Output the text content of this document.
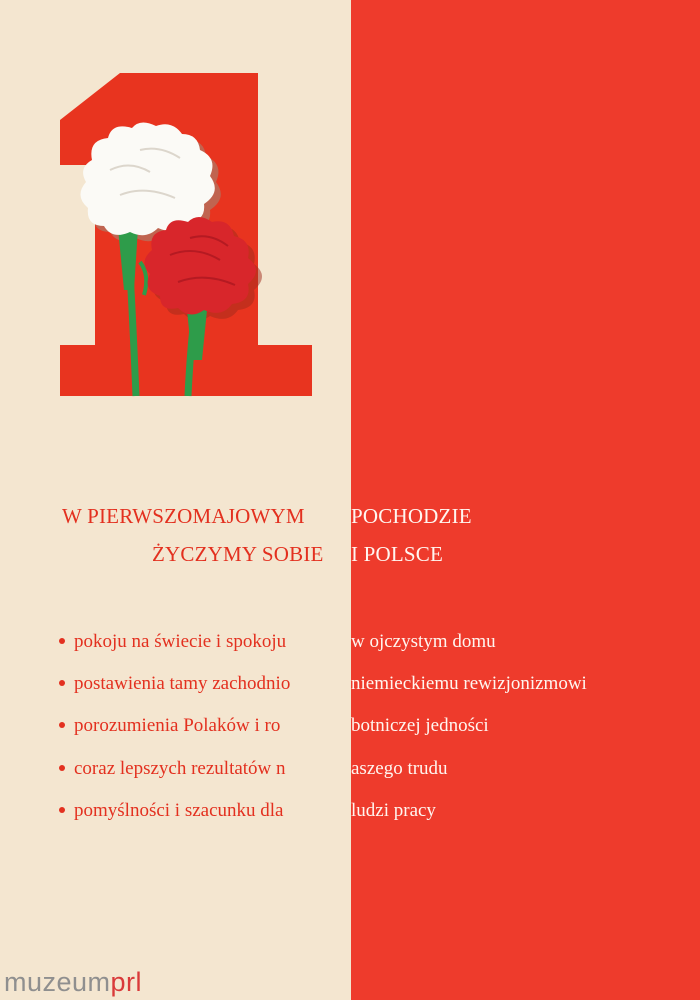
W PIERWSZOMAJOWYM POCHODZIE
ŻYCZYMY SOBIE I POLSCE
pokoju na świecie i spokoju	w ojczystym domu
postawienia tamy zachodnio	niemieckiemu rewizjonizmowi
porozumienia Polaków i ro	botniczej jedności
coraz lepszych rezultatów n	aszego trudu
pomyślności i szacunku dla	ludzi pracy
muzeumprl
